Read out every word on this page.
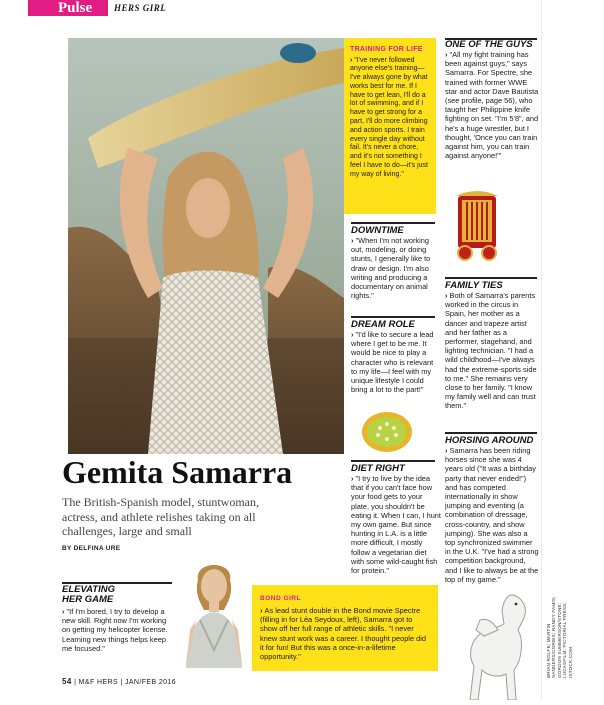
Pulse	HERS GIRL
TRAINING FOR LIFE
› "I've never followed anyone else's training—I've always gone by what works best for me. If I have to get lean, I'll do a lot of swimming, and if I have to get strong for a part, I'll do more climbing and action sports. I train every single day without fail. It's never a chore, and it's not something I feel I have to do—it's just my way of living."
ONE OF THE GUYS
› "All my fight training has been against guys," says Samarra. For Spectre, she trained with former WWE star and actor Dave Bautista (see profile, page 56), who taught her Philippine knife fighting on set. "I'm 5'8", and he's a huge wrestler, but I thought, 'Once you can train against him, you can train against anyone!'"
DOWNTIME
› "When I'm not working out, modeling, or doing stunts, I generally like to draw or design. I'm also writing and producing a documentary on animal rights."
FAMILY TIES
› Both of Samarra's parents worked in the circus in Spain, her mother as a dancer and trapeze artist and her father as a performer, stagehand, and lighting technician. "I had a wild childhood—I've always had the extreme-sports side to me." She remains very close to her family. "I know my family well and can trust them."
DREAM ROLE
› "I'd like to secure a lead where I get to be me. It would be nice to play a character who is relevant to my life—I feel with my unique lifestyle I could bring a lot to the part!"
HORSING AROUND
› Samarra has been riding horses since she was 4 years old ("It was a birthday party that never ended!") and has competed internationally in show jumping and eventing (a combination of dressage, cross-country, and show jumping). She was also a top synchronized swimmer in the U.K. "I've had a strong competition background, and I like to always be at the top of my game."
DIET RIGHT
› "I try to live by the idea that if you can't face how your food gets to your plate, you shouldn't be eating it. When I can, I hunt my own game. But since hunting in L.A. is a little more difficult, I mostly follow a vegetarian diet with some wild-caught fish for protein."
Gemita Samarra
The British-Spanish model, stuntwoman, actress, and athlete relishes taking on all challenges, large and small
BY DELFINA URE
ELEVATING HER GAME
› "If I'm bored, I try to develop a new skill. Right now I'm working on getting my helicopter license. Learning new things helps keep me focused."
BOND GIRL
› As lead stunt double in the Bond movie Spectre (filling in for Léa Seydoux, left), Samarra got to show off her full range of athletic skills. "I never knew stunt work was a career. I thought people did it for fun! But this was a once-in-a-lifetime opportunity."	BRIAN ROLFE; MARTIN SANDERS/CORBIS; RANDY FAMIS; GORDON SUMMERSON/STONE; LUCASFILM; PICTORIAL PRESS; ISTOCK.COM
54 | M&F HERS | JAN/FEB 2016
